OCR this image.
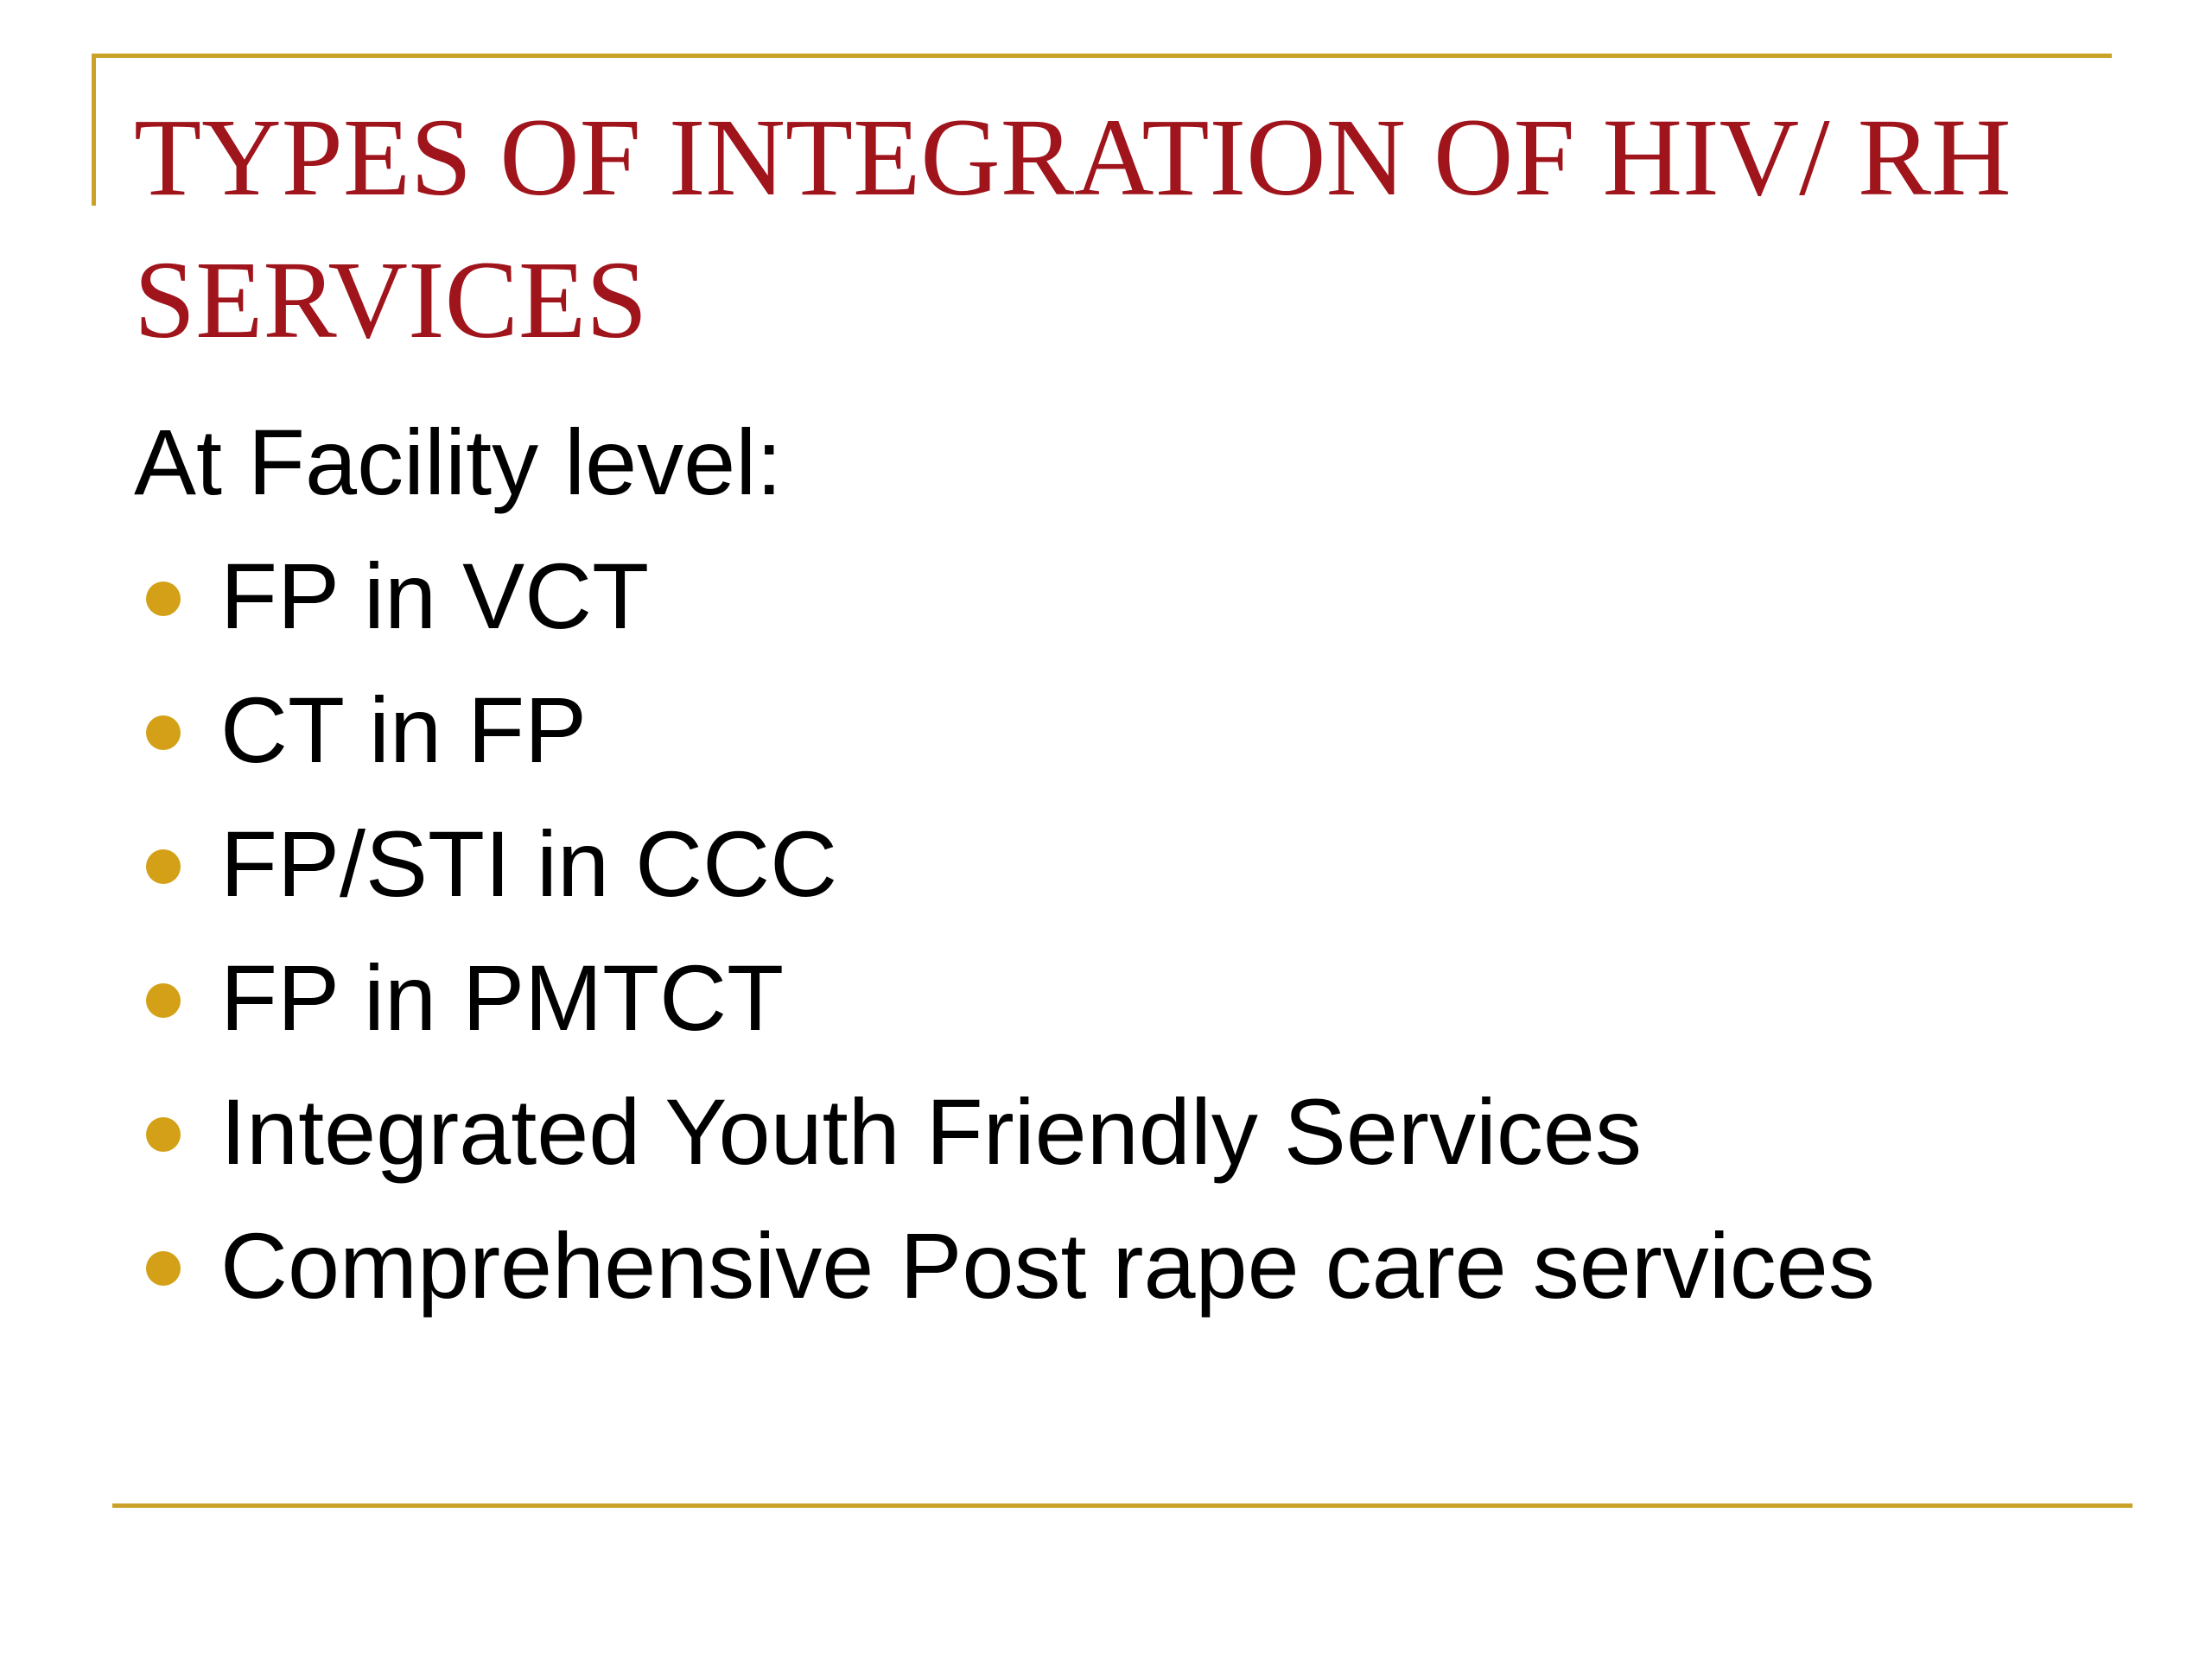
TYPES OF INTEGRATION OF HIV/ RH SERVICES

At Facility level:

FP in VCT
CT in FP
FP/STI in CCC
FP in PMTCT
Integrated Youth Friendly Services
Comprehensive Post rape care services
